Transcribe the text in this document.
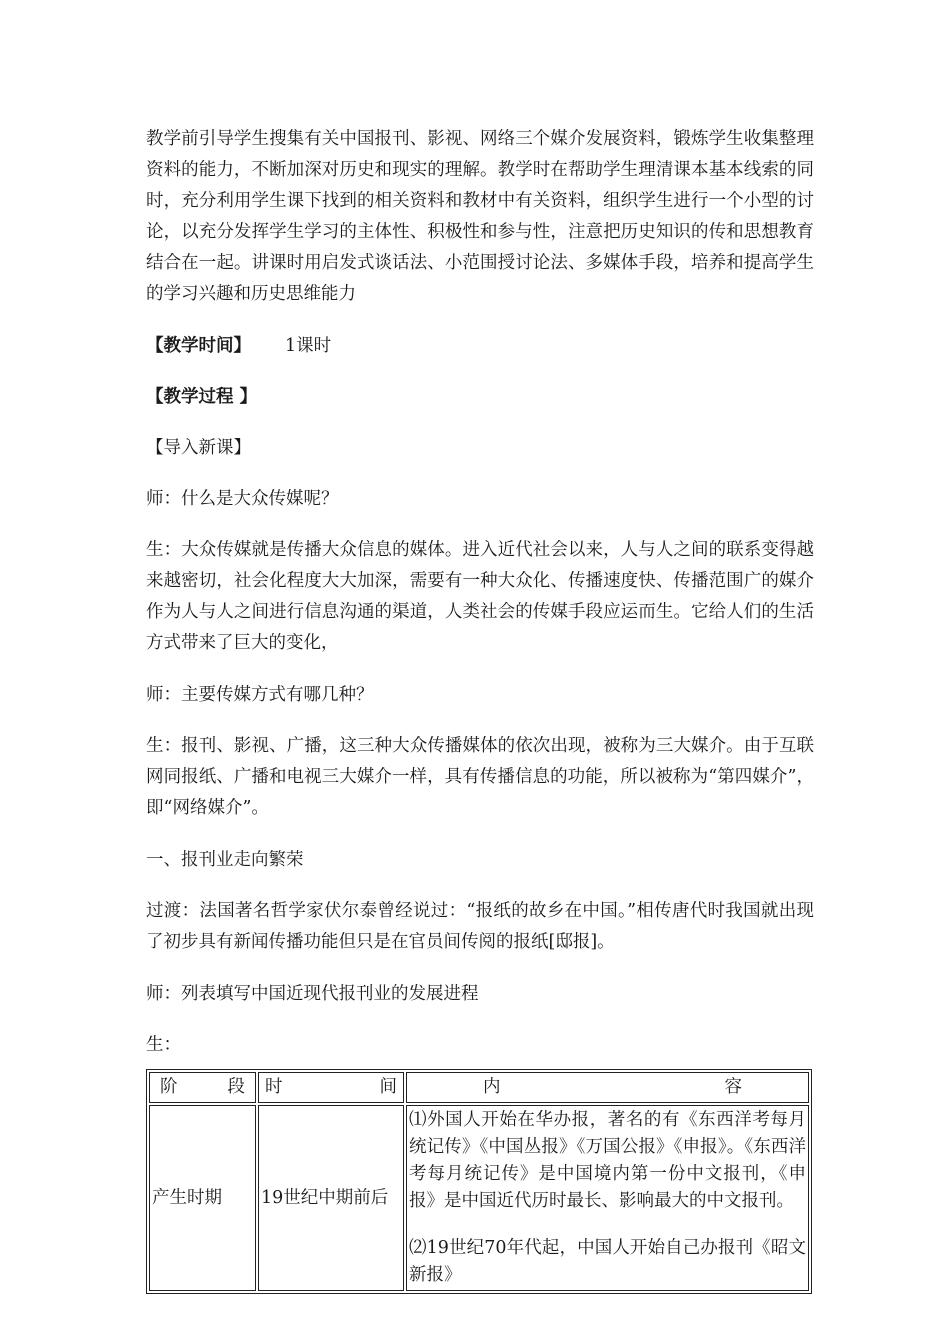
教学前引导学生搜集有关中国报刊、影视、网络三个媒介发展资料，锻炼学生收集整理资料的能力，不断加深对历史和现实的理解。教学时在帮助学生理清课本基本线索的同时，充分利用学生课下找到的相关资料和教材中有关资料，组织学生进行一个小型的讨论，以充分发挥学生学习的主体性、积极性和参与性，注意把历史知识的传和思想教育结合在一起。讲课时用启发式谈话法、小范围授讨论法、多媒体手段，培养和提高学生的学习兴趣和历史思维能力

【教学时间】 1课时

【教学过程 】

【导入新课】

师：什么是大众传媒呢？

生：大众传媒就是传播大众信息的媒体。进入近代社会以来，人与人之间的联系变得越来越密切，社会化程度大大加深，需要有一种大众化、传播速度快、传播范围广的媒介作为人与人之间进行信息沟通的渠道，人类社会的传媒手段应运而生。它给人们的生活方式带来了巨大的变化，

师：主要传媒方式有哪几种？

生：报刊、影视、广播，这三种大众传播媒体的依次出现，被称为三大媒介。由于互联网同报纸、广播和电视三大媒介一样，具有传播信息的功能，所以被称为“第四媒介”，即“网络媒介”。

一、报刊业走向繁荣

过渡：法国著名哲学家伏尔泰曾经说过：“报纸的故乡在中国。”相传唐代时我国就出现了初步具有新闻传播功能但只是在官员间传阅的报纸[邸报]。

师：列表填写中国近现代报刊业的发展进程

生：

阶段	时间	内容
产生时期	19世纪中期前后	⑴外国人开始在华办报，著名的有《东西洋考每月统记传》《中国丛报》《万国公报》《申报》。《东西洋考每月统记传》是中国境内第一份中文报刊，《申报》是中国近代历时最长、影响最大的中文报刊。

⑵19世纪70年代起，中国人开始自己办报刊《昭文新报》
